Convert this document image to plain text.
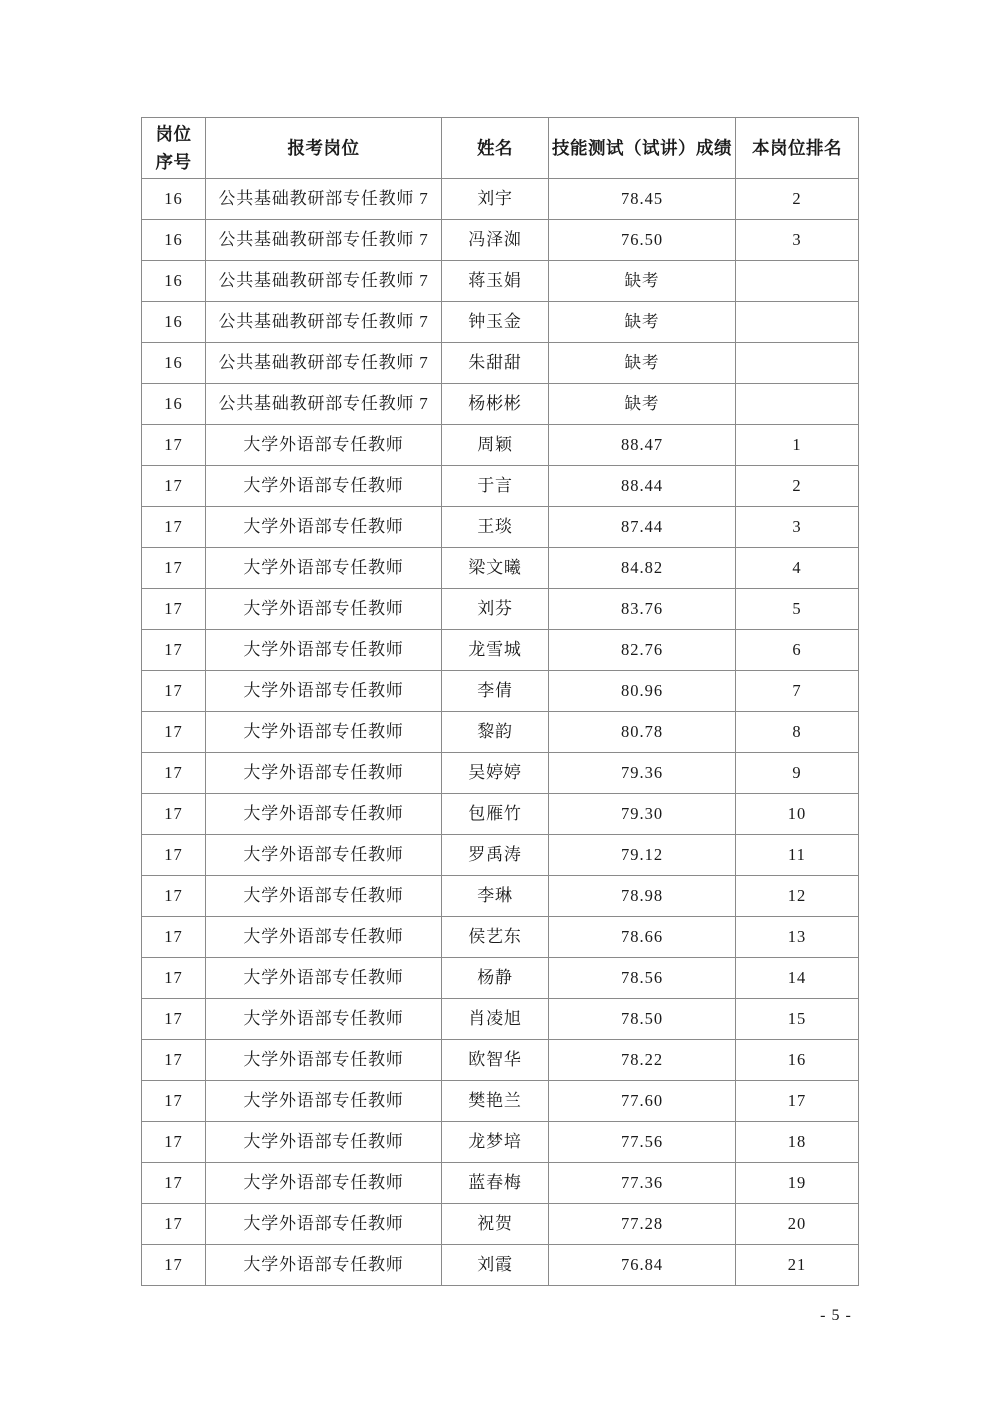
岗位
序号	报考岗位	姓名	技能测试（试讲）成绩	本岗位排名
16	公共基础教研部专任教师 7	刘宇	78.45	2
16	公共基础教研部专任教师 7	冯泽洳	76.50	3
16	公共基础教研部专任教师 7	蒋玉娟	缺考	
16	公共基础教研部专任教师 7	钟玉金	缺考	
16	公共基础教研部专任教师 7	朱甜甜	缺考	
16	公共基础教研部专任教师 7	杨彬彬	缺考	
17	大学外语部专任教师	周颖	88.47	1
17	大学外语部专任教师	于言	88.44	2
17	大学外语部专任教师	王琰	87.44	3
17	大学外语部专任教师	梁文曦	84.82	4
17	大学外语部专任教师	刘芬	83.76	5
17	大学外语部专任教师	龙雪城	82.76	6
17	大学外语部专任教师	李倩	80.96	7
17	大学外语部专任教师	黎韵	80.78	8
17	大学外语部专任教师	吴婷婷	79.36	9
17	大学外语部专任教师	包雁竹	79.30	10
17	大学外语部专任教师	罗禹涛	79.12	11
17	大学外语部专任教师	李琳	78.98	12
17	大学外语部专任教师	侯艺东	78.66	13
17	大学外语部专任教师	杨静	78.56	14
17	大学外语部专任教师	肖凌旭	78.50	15
17	大学外语部专任教师	欧智华	78.22	16
17	大学外语部专任教师	樊艳兰	77.60	17
17	大学外语部专任教师	龙梦培	77.56	18
17	大学外语部专任教师	蓝春梅	77.36	19
17	大学外语部专任教师	祝贺	77.28	20
17	大学外语部专任教师	刘霞	76.84	21
- 5 -
